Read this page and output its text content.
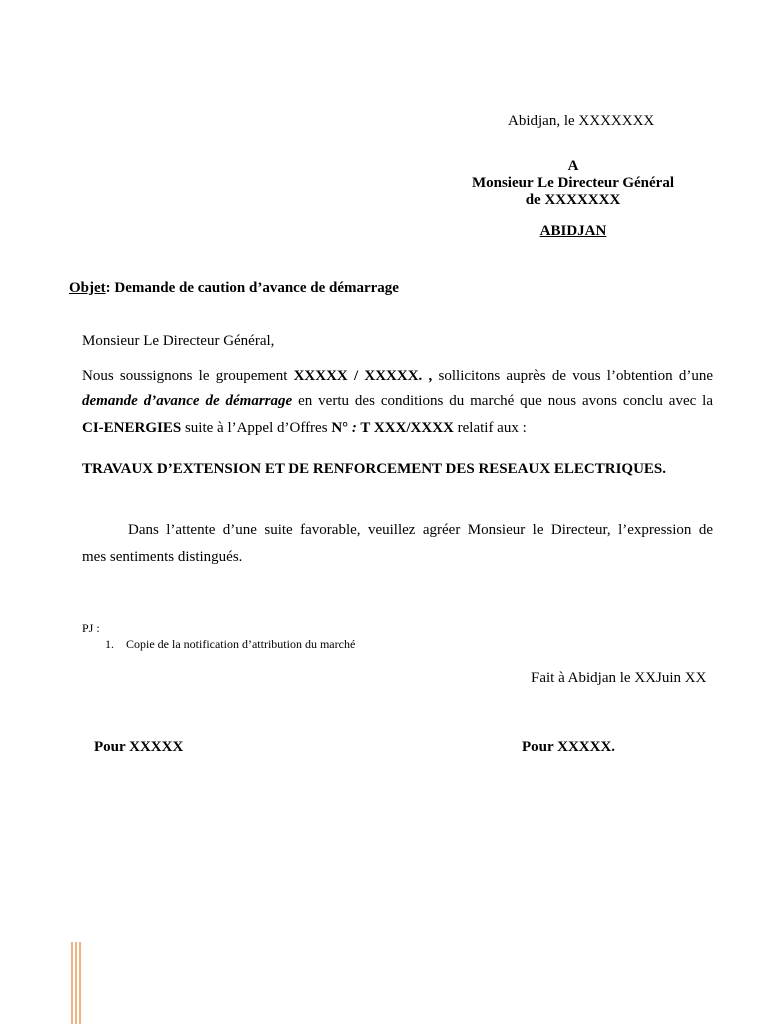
Abidjan, le XXXXXXX
A
Monsieur Le Directeur Général
de XXXXXXX
ABIDJAN
Objet: Demande de caution d’avance de démarrage
Monsieur Le Directeur Général,
Nous soussignons le groupement XXXXX / XXXXX. , sollicitons auprès de vous l’obtention d’une
demande d’avance de démarrage en vertu des conditions du marché que nous avons conclu avec la
CI-ENERGIES suite à l’Appel d’Offres N° : T XXX/XXXX relatif aux :
TRAVAUX D’EXTENSION ET DE RENFORCEMENT DES RESEAUX ELECTRIQUES.
Dans l’attente d’une suite favorable, veuillez agréer Monsieur le Directeur, l’expression de
mes sentiments distingués.
PJ :
1. Copie de la notification d’attribution du marché
Fait à Abidjan le XXJuin XX
Pour XXXXX	Pour XXXXX.
